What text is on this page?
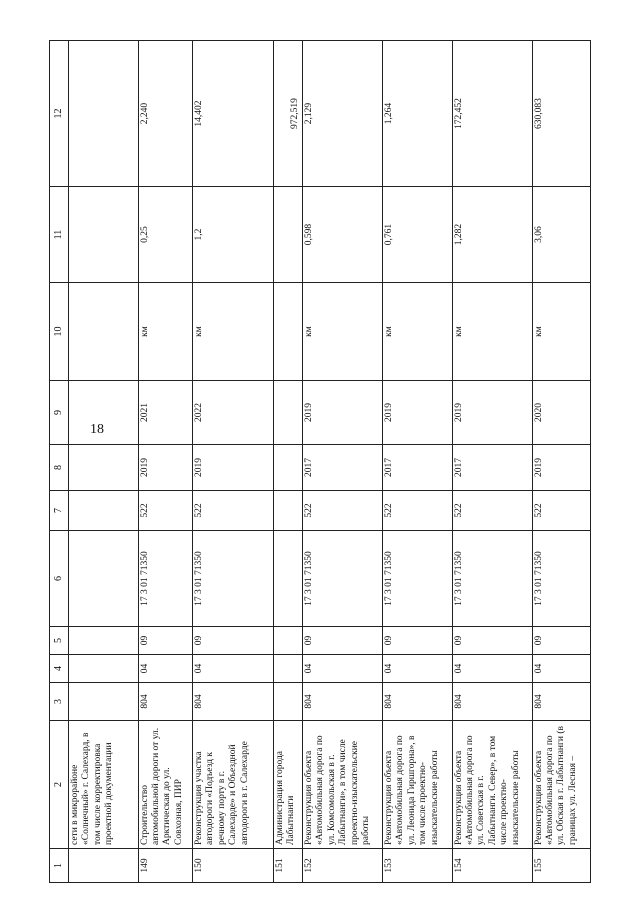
18
1	2	3	4	5	6	7	8	9	10	11	12
	сети в микрорайоне «Солнечный» г. Салехард, в том числе корректировка проектной документации										
149	Строительство автомобильной дороги от ул. Арктическая до ул. Совхозная, ПИР	804	04	09	17 3 01 71350	522	2019	2021	км	0,25	2,240
150	Реконструкция участка автодороги «Подъезд к речному порту в г. Салехарде» и Объездной автодороги в г. Салехарде	804	04	09	17 3 01 71350	522	2019	2022	км	1,2	14,402
151	Администрация города Лабытнанги										972,519
152	Реконструкция объекта «Автомобильная дорога по ул. Комсомольская в г. Лабытнанги», в том числе проектно-изыскательские работы	804	04	09	17 3 01 71350	522	2017	2019	км	0,598	2,129
153	Реконструкция объекта «Автомобильная дорога по ул. Леонида Гиршгорна», в том числе проектно-изыскательские работы	804	04	09	17 3 01 71350	522	2017	2019	км	0,761	1,264
154	Реконструкция объекта «Автомобильная дорога по ул. Советская в г. Лабытнанги. Север», в том числе проектно-изыскательские работы	804	04	09	17 3 01 71350	522	2017	2019	км	1,282	172,452
155	Реконструкция объекта «Автомобильная дорога по ул. Обская в г. Лабытнанги (в границах ул. Лесная –	804	04	09	17 3 01 71350	522	2019	2020	км	3,06	630,083
